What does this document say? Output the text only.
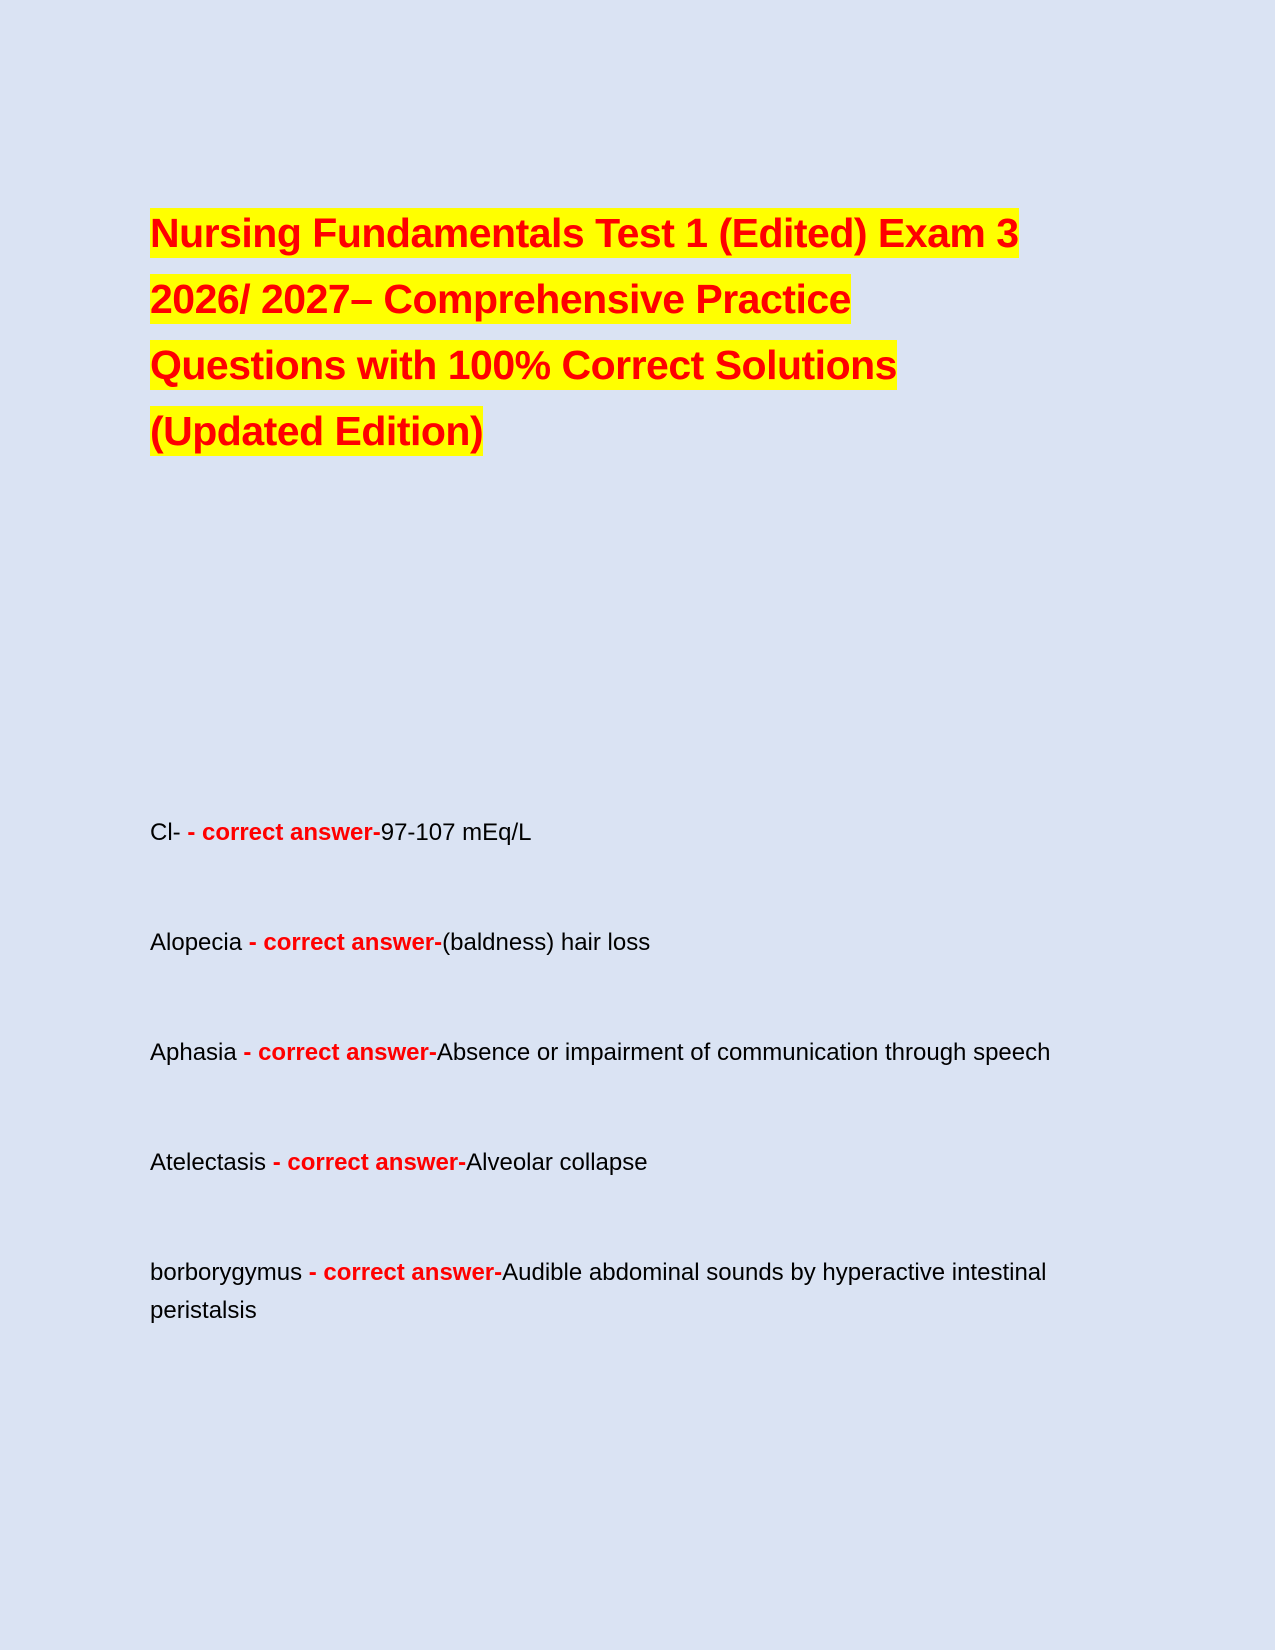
Nursing Fundamentals Test 1 (Edited) Exam 3
2026/ 2027– Comprehensive Practice
Questions with 100% Correct Solutions
(Updated Edition)
Cl- - correct answer-97-107 mEq/L
Alopecia - correct answer-(baldness) hair loss
Aphasia - correct answer-Absence or impairment of communication through speech
Atelectasis - correct answer-Alveolar collapse
borborygymus - correct answer-Audible abdominal sounds by hyperactive intestinal peristalsis
